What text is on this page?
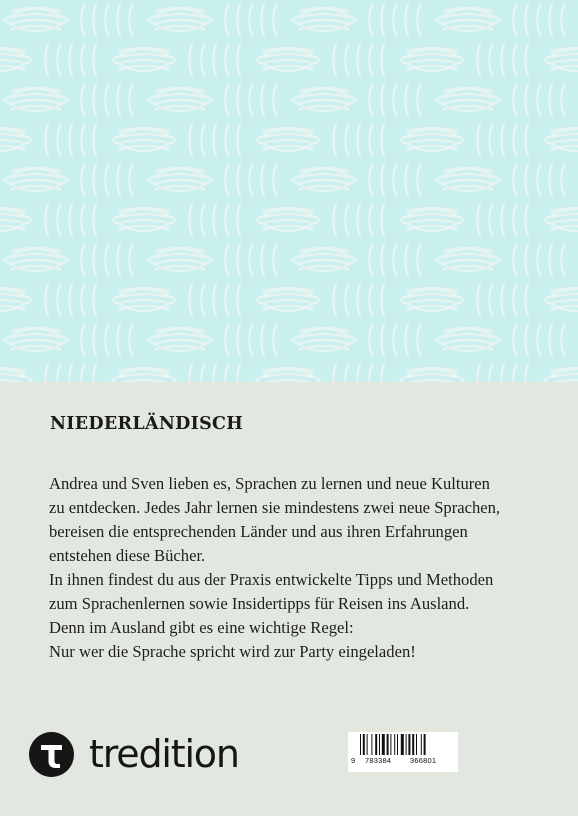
NIEDERLÄNDISCH
Andrea und Sven lieben es, Sprachen zu lernen und neue Kulturen
zu entdecken. Jedes Jahr lernen sie mindestens zwei neue Sprachen,
bereisen die entsprechenden Länder und aus ihren Erfahrungen
entstehen diese Bücher.
In ihnen findest du aus der Praxis entwickelte Tipps und Methoden
zum Sprachenlernen sowie Insidertipps für Reisen ins Ausland.
Denn im Ausland gibt es eine wichtige Regel:
Nur wer die Sprache spricht wird zur Party eingeladen!
tredition	9 783384	366801
